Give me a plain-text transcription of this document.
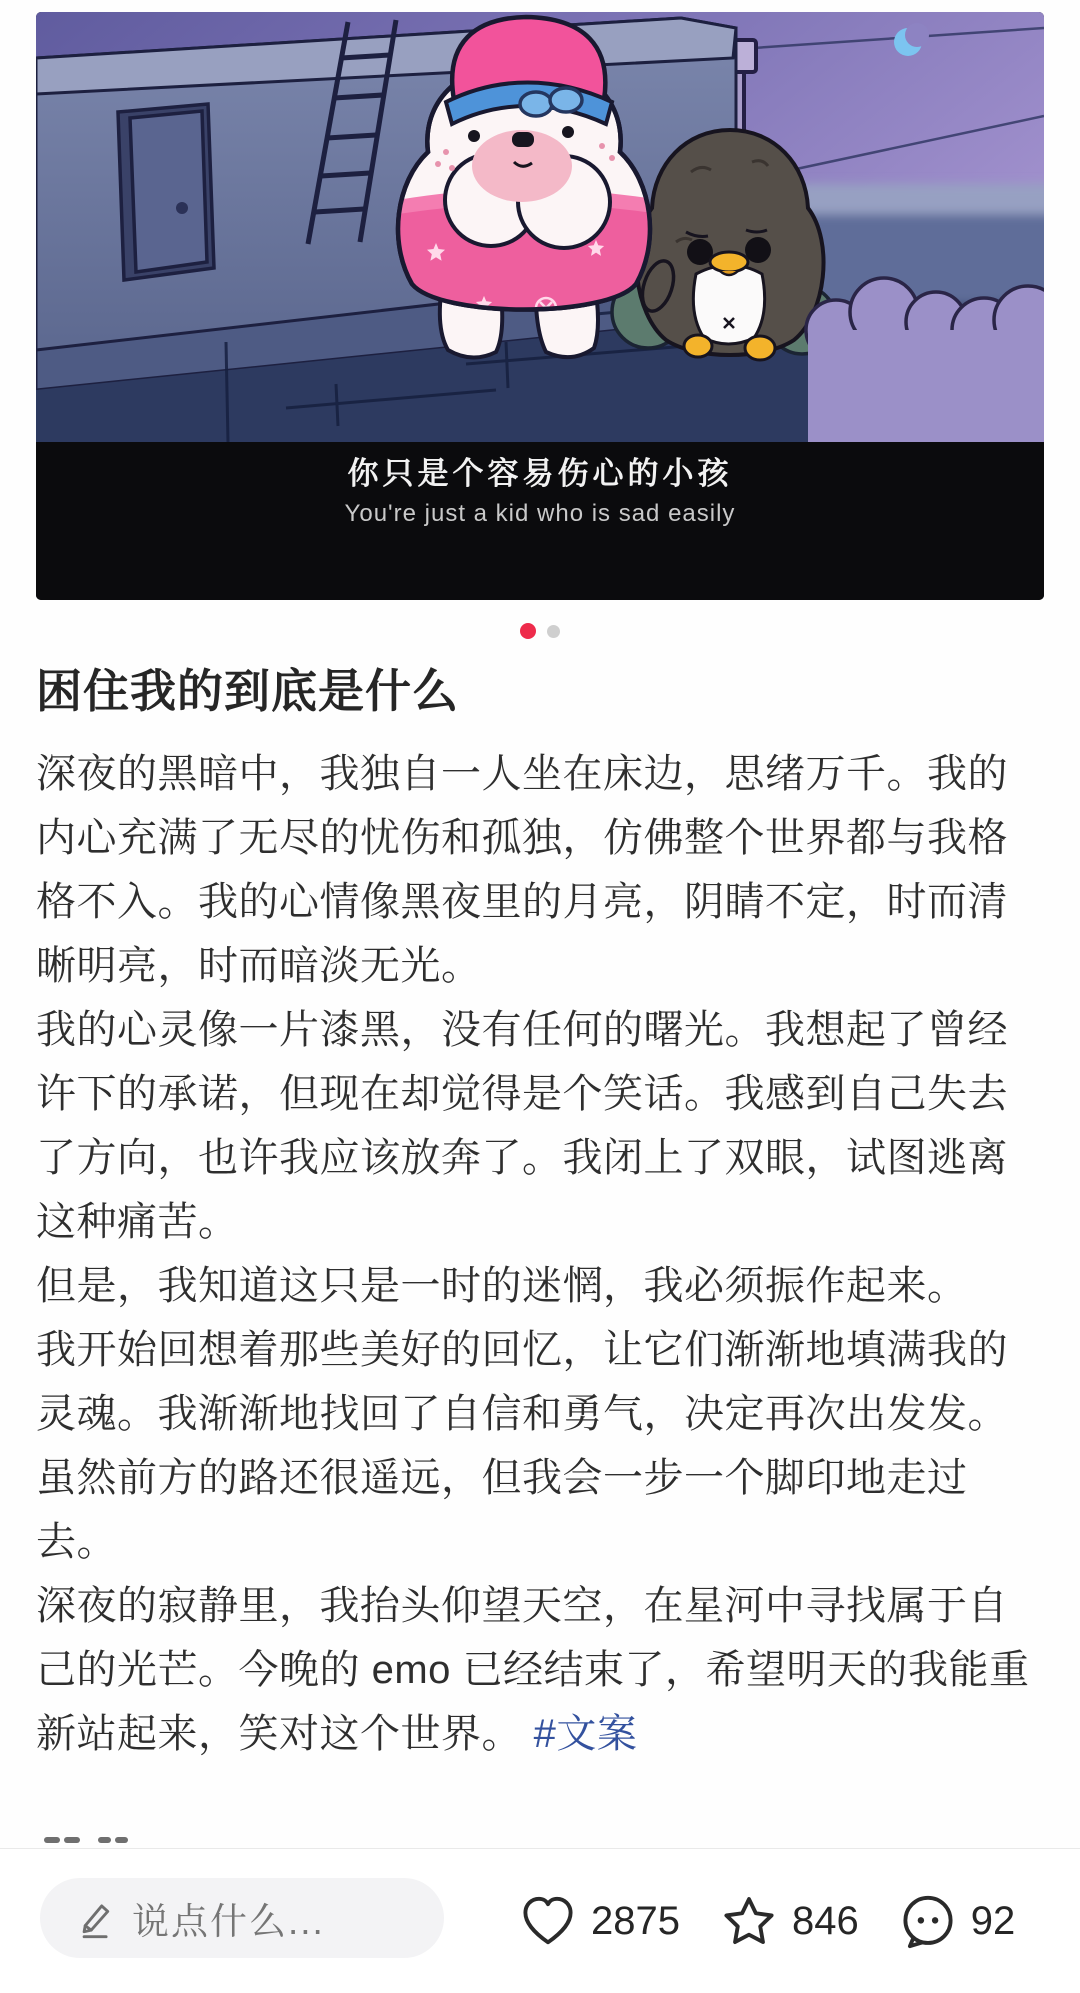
你只是个容易伤心的小孩
You're just a kid who is sad easily
困住我的到底是什么

深夜的黑暗中，我独自一人坐在床边，思绪万千。我的

内心充满了无尽的忧伤和孤独，仿佛整个世界都与我格

格不入。我的心情像黑夜里的月亮，阴睛不定，时而清

晰明亮，时而暗淡无光。

我的心灵像一片漆黑，没有任何的曙光。我想起了曾经

许下的承诺，但现在却觉得是个笑话。我感到自己失去

了方向，也许我应该放奔了。我闭上了双眼，试图逃离

这种痛苦。

但是，我知道这只是一时的迷惘，我必须振作起来。

我开始回想着那些美好的回忆，让它们渐渐地填满我的

灵魂。我渐渐地找回了自信和勇气，决定再次出发发。

虽然前方的路还很遥远，但我会一步一个脚印地走过

去。

深夜的寂静里，我抬头仰望天空，在星河中寻找属于自

己的光芒。今晚的 emo 已经结束了，希望明天的我能重

新站起来，笑对这个世界。 #文案

说点什么...	2875	846	92
